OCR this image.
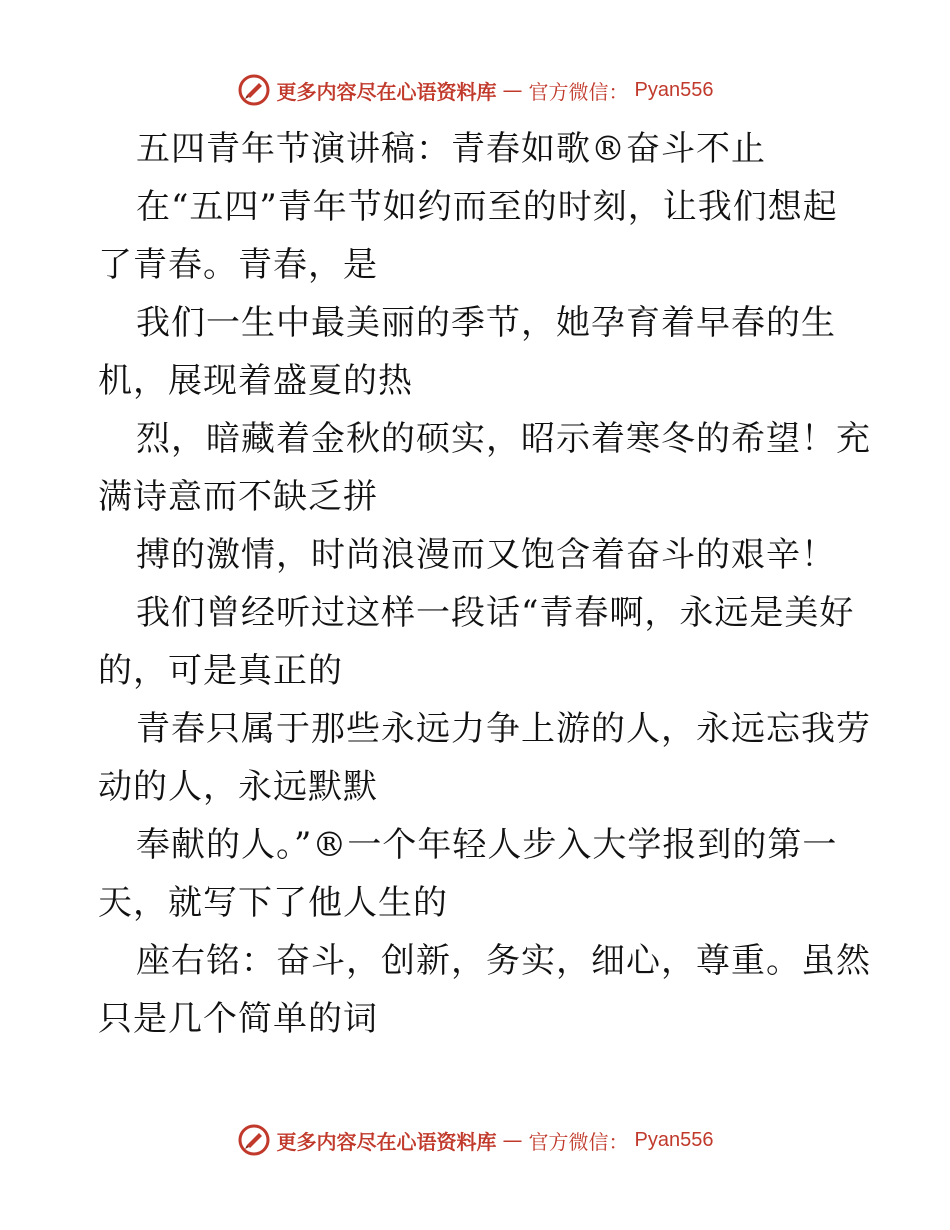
更多内容尽在心语资料库 — 官方微信： Pyan556
五四青年节演讲稿：青春如歌®奋斗不止
在“五四”青年节如约而至的时刻，让我们想起
了青春。青春，是
我们一生中最美丽的季节，她孕育着早春的生
机，展现着盛夏的热
烈，暗藏着金秋的硕实，昭示着寒冬的希望！充
满诗意而不缺乏拼
搏的激情，时尚浪漫而又饱含着奋斗的艰辛！
我们曾经听过这样一段话“青春啊，永远是美好
的，可是真正的
青春只属于那些永远力争上游的人，永远忘我劳
动的人，永远默默
奉献的人。”®一个年轻人步入大学报到的第一
天，就写下了他人生的
座右铭：奋斗，创新，务实，细心，尊重。虽然
只是几个简单的词
更多内容尽在心语资料库 — 官方微信： Pyan556
